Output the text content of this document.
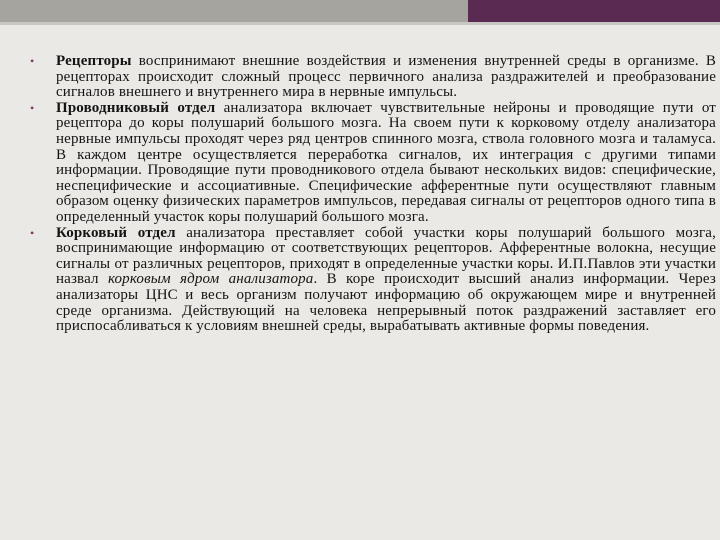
• Рецепторы воспринимают внешние воздействия и изменения внутренней среды в организме. В рецепторах происходит сложный процесс первичного анализа раздражителей и преобразование сигналов внешнего и внутреннего мира в нервные импульсы.
• Проводниковый отдел анализатора включает чувствительные нейроны и проводящие пути от рецептора до коры полушарий большого мозга. На своем пути к корковому отделу анализатора нервные импульсы проходят через ряд центров спинного мозга, ствола головного мозга и таламуса. В каждом центре осуществляется переработка сигналов, их интеграция с другими типами информации. Проводящие пути проводникового отдела бывают нескольких видов: специфические, неспецифические и ассоциативные. Специфические афферентные пути осуществляют главным образом оценку физических параметров импульсов, передавая сигналы от рецепторов одного типа в определенный участок коры полушарий большого мозга.
• Корковый отдел анализатора преставляет собой участки коры полушарий большого мозга, воспринимающие информацию от соответствующих рецепторов. Афферентные волокна, несущие сигналы от различных рецепторов, приходят в определенные участки коры. И.П.Павлов эти участки назвал корковым ядром анализатора. В коре происходит высший анализ информации. Через анализаторы ЦНС и весь организм получают информацию об окружающем мире и внутренней среде организма. Действующий на человека непрерывный поток раздражений заставляет его приспосабливаться к условиям внешней среды, вырабатывать активные формы поведения.
